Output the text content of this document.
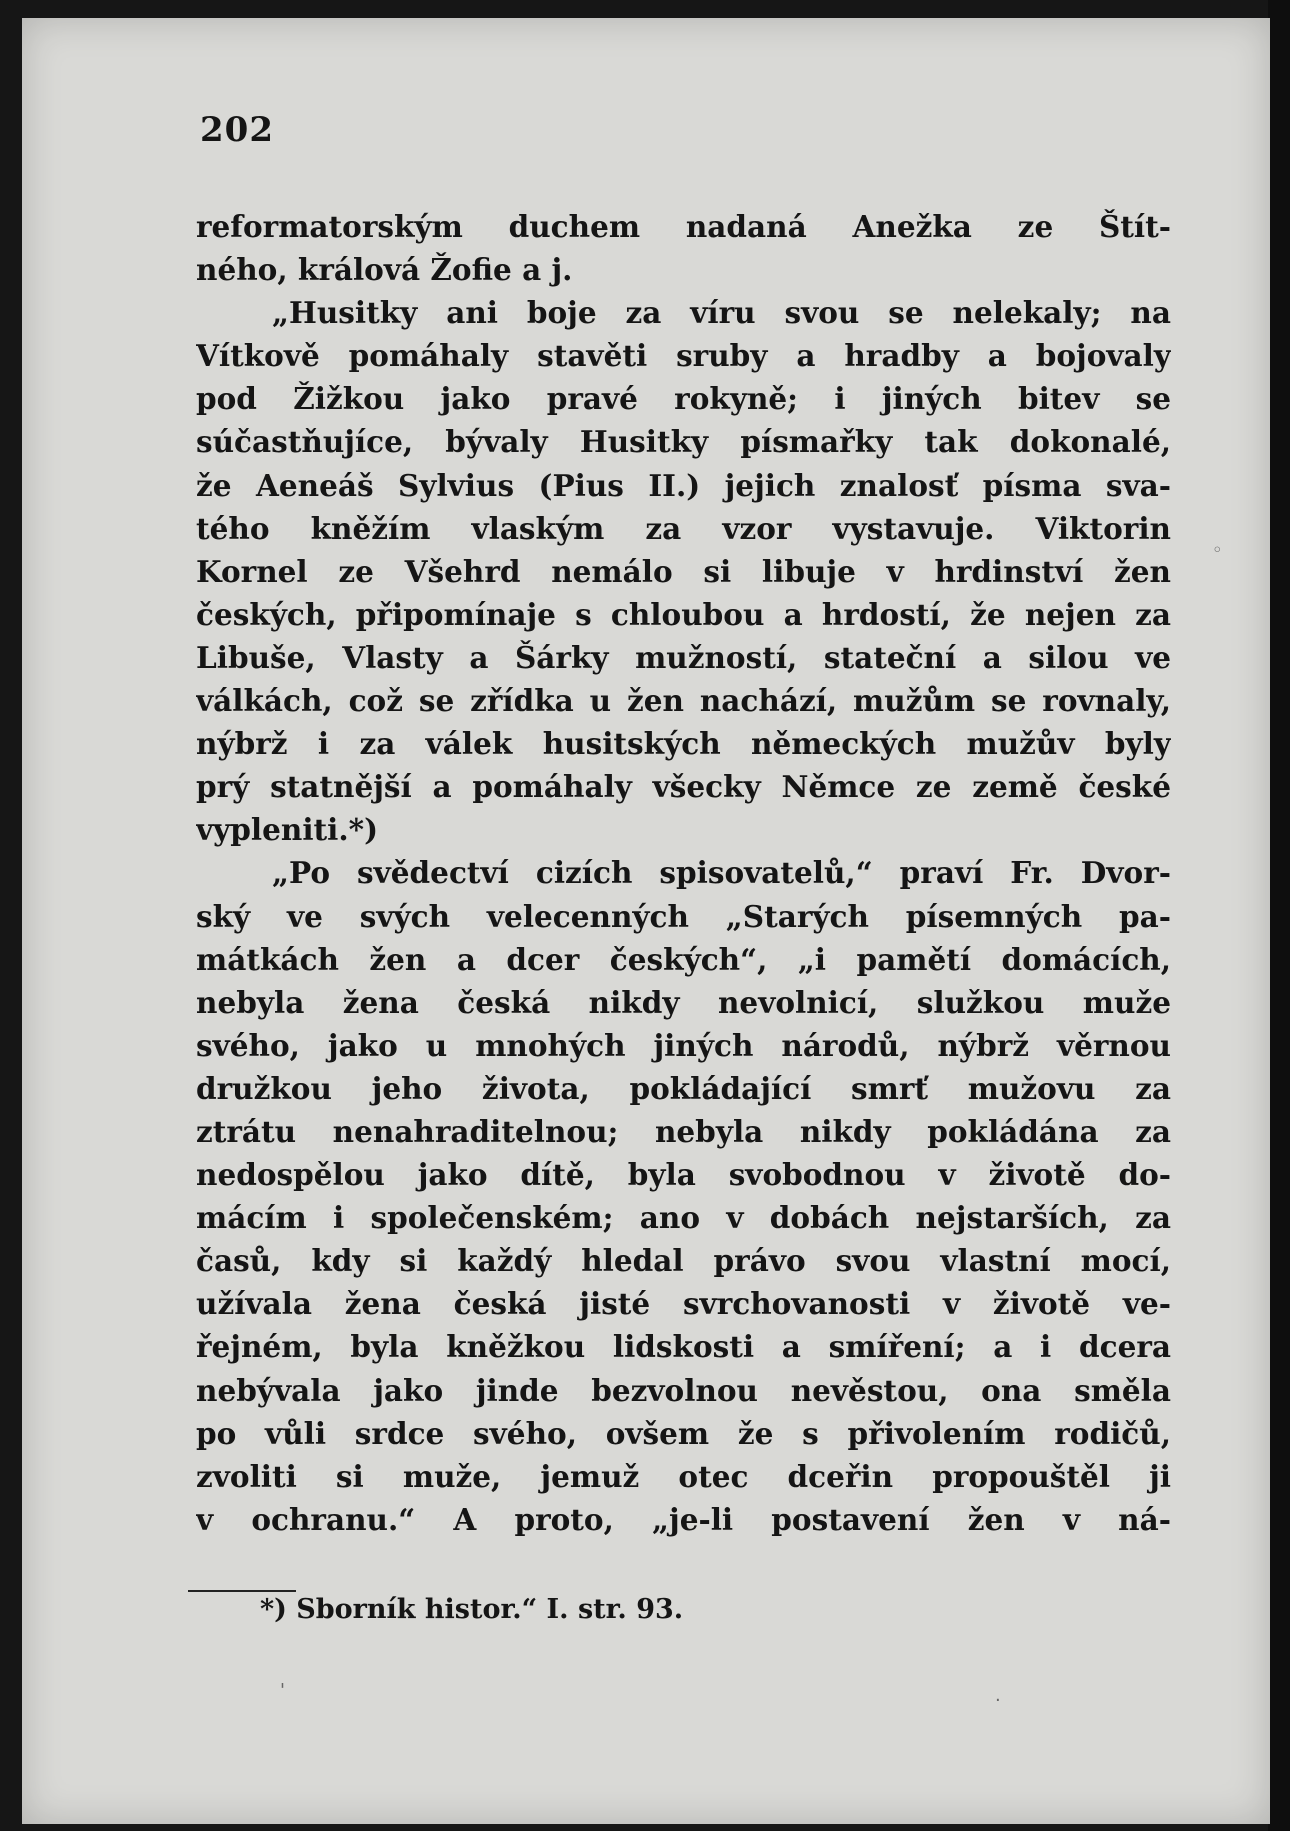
202
reformatorským duchem nadaná Anežka ze Štít-
ného, králová Žofie a j.
„Husitky ani boje za víru svou se nelekaly; na
Vítkově pomáhaly stavěti sruby a hradby a bojovaly
pod Žižkou jako pravé rokyně; i jiných bitev se
súčastňujíce, bývaly Husitky písmařky tak dokonalé,
že Aeneáš Sylvius (Pius II.) jejich znalosť písma sva-
tého kněžím vlaským za vzor vystavuje. Viktorin
Kornel ze Všehrd nemálo si libuje v hrdinství žen
českých, připomínaje s chloubou a hrdostí, že nejen za
Libuše, Vlasty a Šárky mužností, stateční a silou ve
válkách, což se zřídka u žen nachází, mužům se rovnaly,
nýbrž i za válek husitských německých mužův byly
prý statnější a pomáhaly všecky Němce ze země české
vypleniti.*)
„Po svědectví cizích spisovatelů,“ praví Fr. Dvor-
ský ve svých velecenných „Starých písemných pa-
mátkách žen a dcer českých“, „i pamětí domácích,
nebyla žena česká nikdy nevolnicí, služkou muže
svého, jako u mnohých jiných národů, nýbrž věrnou
družkou jeho života, pokládající smrť mužovu za
ztrátu nenahraditelnou; nebyla nikdy pokládána za
nedospělou jako dítě, byla svobodnou v životě do-
mácím i společenském; ano v dobách nejstarších, za
časů, kdy si každý hledal právo svou vlastní mocí,
užívala žena česká jisté svrchovanosti v životě ve-
řejném, byla kněžkou lidskosti a smíření; a i dcera
nebývala jako jinde bezvolnou nevěstou, ona směla
po vůli srdce svého, ovšem že s přivolením rodičů,
zvoliti si muže, jemuž otec dceřin propouštěl ji
v ochranu.“ A proto, „je-li postavení žen v ná-
*) Sborník histor.“ I. str. 93.
◦
·
'
